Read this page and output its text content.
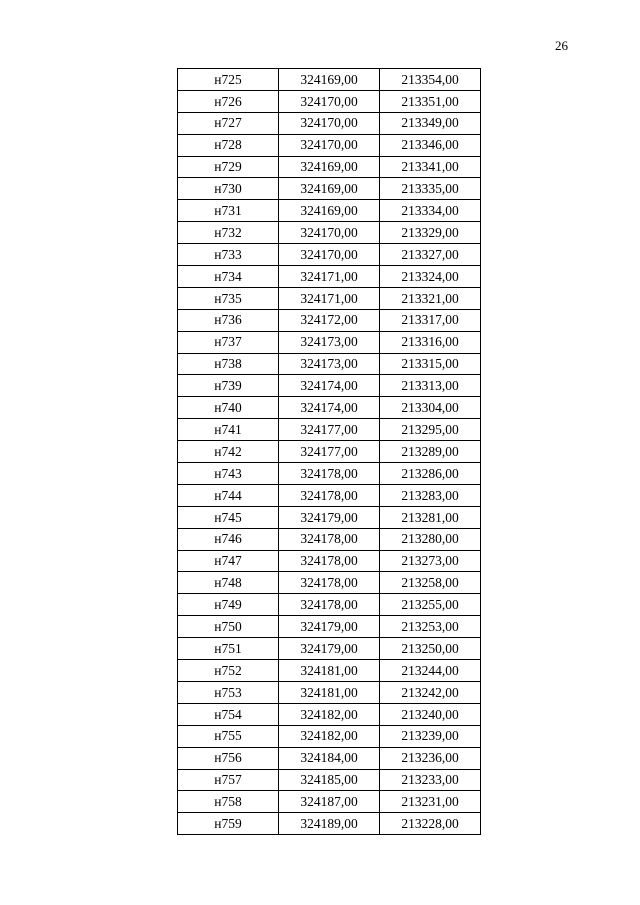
26
н725	324169,00	213354,00
н726	324170,00	213351,00
н727	324170,00	213349,00
н728	324170,00	213346,00
н729	324169,00	213341,00
н730	324169,00	213335,00
н731	324169,00	213334,00
н732	324170,00	213329,00
н733	324170,00	213327,00
н734	324171,00	213324,00
н735	324171,00	213321,00
н736	324172,00	213317,00
н737	324173,00	213316,00
н738	324173,00	213315,00
н739	324174,00	213313,00
н740	324174,00	213304,00
н741	324177,00	213295,00
н742	324177,00	213289,00
н743	324178,00	213286,00
н744	324178,00	213283,00
н745	324179,00	213281,00
н746	324178,00	213280,00
н747	324178,00	213273,00
н748	324178,00	213258,00
н749	324178,00	213255,00
н750	324179,00	213253,00
н751	324179,00	213250,00
н752	324181,00	213244,00
н753	324181,00	213242,00
н754	324182,00	213240,00
н755	324182,00	213239,00
н756	324184,00	213236,00
н757	324185,00	213233,00
н758	324187,00	213231,00
н759	324189,00	213228,00
